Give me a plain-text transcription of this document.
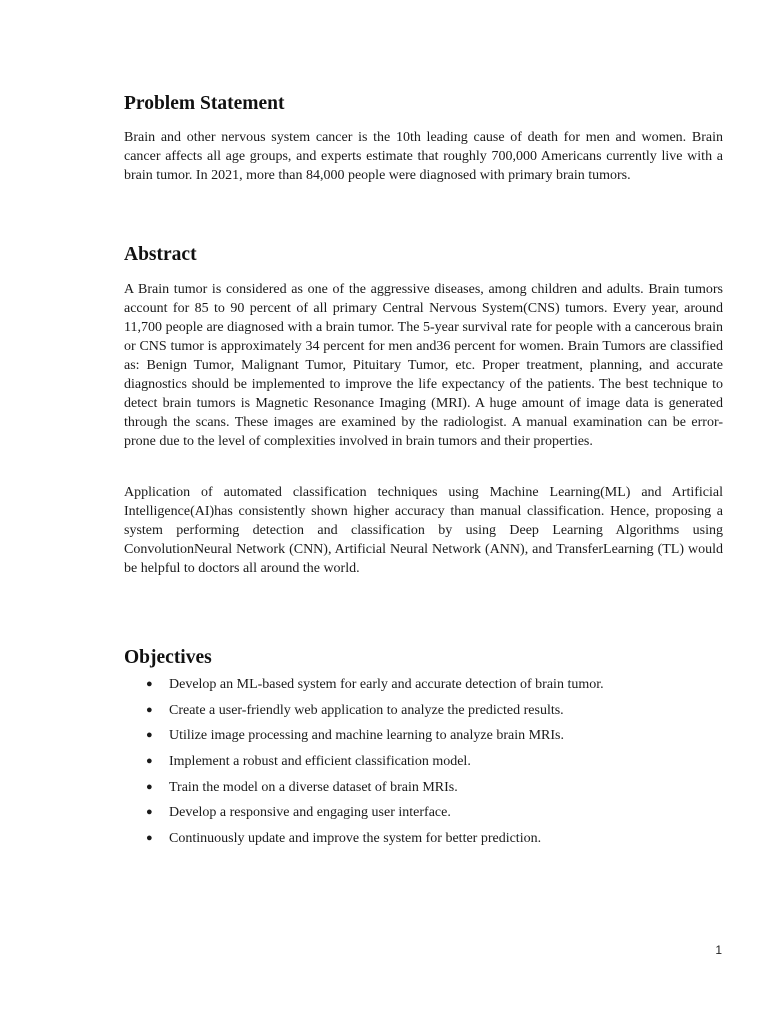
Problem Statement

Brain and other nervous system cancer is the 10th leading cause of death for men and women. Brain cancer affects all age groups, and experts estimate that roughly 700,000 Americans currently live with a brain tumor. In 2021, more than 84,000 people were diagnosed with primary brain tumors.

Abstract

A Brain tumor is considered as one of the aggressive diseases, among children and adults. Brain tumors account for 85 to 90 percent of all primary Central Nervous System(CNS) tumors. Every year, around 11,700 people are diagnosed with a brain tumor. The 5-year survival rate for people with a cancerous brain or CNS tumor is approximately 34 percent for men and36 percent for women. Brain Tumors are classified as: Benign Tumor, Malignant Tumor, Pituitary Tumor, etc. Proper treatment, planning, and accurate diagnostics should be implemented to improve the life expectancy of the patients. The best technique to detect brain tumors is Magnetic Resonance Imaging (MRI). A huge amount of image data is generated through the scans. These images are examined by the radiologist. A manual examination can be error-prone due to the level of complexities involved in brain tumors and their properties.

Application of automated classification techniques using Machine Learning(ML) and Artificial Intelligence(AI)has consistently shown higher accuracy than manual classification. Hence, proposing a system performing detection and classification by using Deep Learning Algorithms using ConvolutionNeural Network (CNN), Artificial Neural Network (ANN), and TransferLearning (TL) would be helpful to doctors all around the world.

Objectives
● Develop an ML-based system for early and accurate detection of brain tumor.
● Create a user-friendly web application to analyze the predicted results.
● Utilize image processing and machine learning to analyze brain MRIs.
● Implement a robust and efficient classification model.
● Train the model on a diverse dataset of brain MRIs.
● Develop a responsive and engaging user interface.
● Continuously update and improve the system for better prediction.
1
